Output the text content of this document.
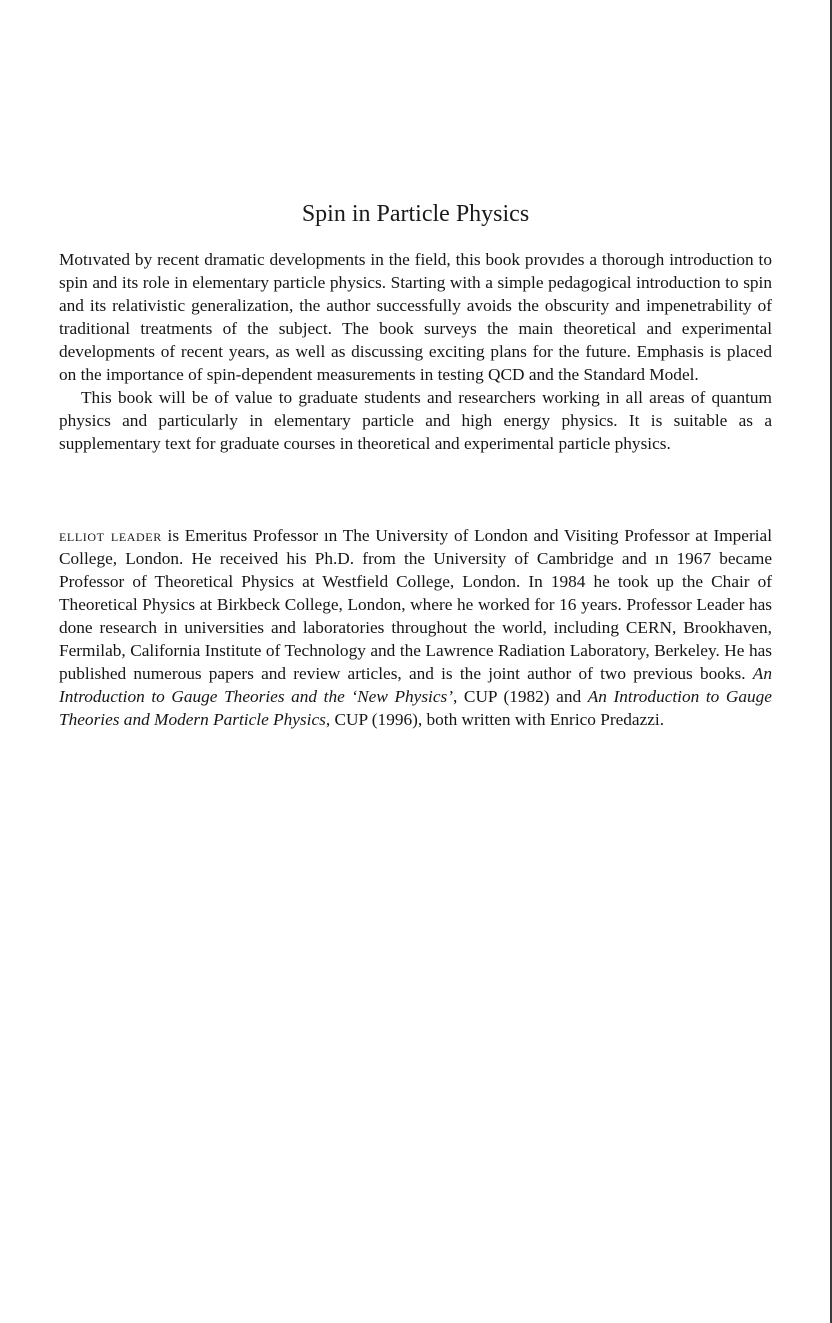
Spin in Particle Physics

Motıvated by recent dramatic developments in the field, this book provıdes a thorough introduction to spin and its role in elementary particle physics. Starting with a simple pedagogical introduction to spin and its relativistic generalization, the author successfully avoids the obscurity and impenetrability of traditional treatments of the subject. The book surveys the main theoretical and experimental developments of recent years, as well as discussing exciting plans for the future. Emphasis is placed on the importance of spin-dependent measurements in testing QCD and the Standard Model.

This book will be of value to graduate students and researchers working in all areas of quantum physics and particularly in elementary particle and high energy physics. It is suitable as a supplementary text for graduate courses in theoretical and experimental particle physics.

elliot leader is Emeritus Professor ın The University of London and Visiting Professor at Imperial College, London. He received his Ph.D. from the University of Cambridge and ın 1967 became Professor of Theoretical Physics at Westfield College, London. In 1984 he took up the Chair of Theoretical Physics at Birkbeck College, London, where he worked for 16 years. Professor Leader has done research in universities and laboratories throughout the world, including CERN, Brookhaven, Fermilab, California Institute of Technology and the Lawrence Radiation Laboratory, Berkeley. He has published numerous papers and review articles, and is the joint author of two previous books. An Introduction to Gauge Theories and the ‘New Physics’, CUP (1982) and An Introduction to Gauge Theories and Modern Particle Physics, CUP (1996), both written with Enrico Predazzi.
